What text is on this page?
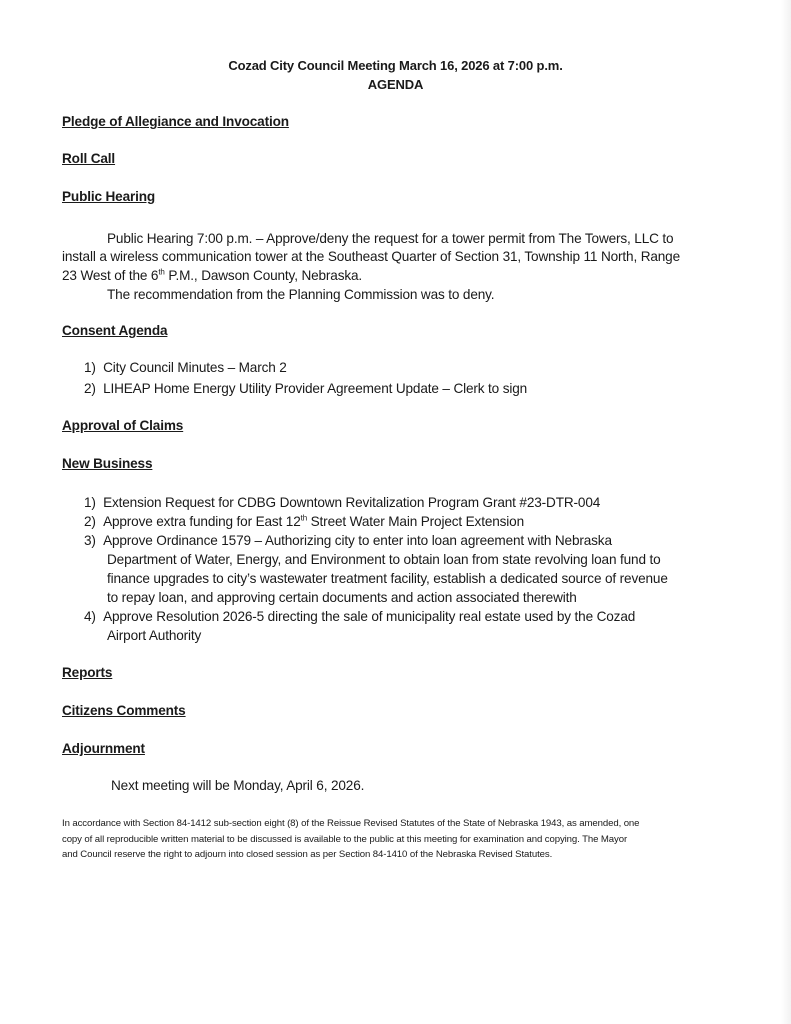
Cozad City Council Meeting March 16, 2026 at 7:00 p.m.
AGENDA
Pledge of Allegiance and Invocation
Roll Call
Public Hearing
Public Hearing 7:00 p.m. – Approve/deny the request for a tower permit from The Towers, LLC to
install a wireless communication tower at the Southeast Quarter of Section 31, Township 11 North, Range
23 West of the 6th P.M., Dawson County, Nebraska.
The recommendation from the Planning Commission was to deny.
Consent Agenda
1) City Council Minutes – March 2
2) LIHEAP Home Energy Utility Provider Agreement Update – Clerk to sign
Approval of Claims
New Business
1) Extension Request for CDBG Downtown Revitalization Program Grant #23-DTR-004
2) Approve extra funding for East 12th Street Water Main Project Extension
3) Approve Ordinance 1579 – Authorizing city to enter into loan agreement with Nebraska
Department of Water, Energy, and Environment to obtain loan from state revolving loan fund to
finance upgrades to city’s wastewater treatment facility, establish a dedicated source of revenue
to repay loan, and approving certain documents and action associated therewith
4) Approve Resolution 2026-5 directing the sale of municipality real estate used by the Cozad
Airport Authority
Reports
Citizens Comments
Adjournment
Next meeting will be Monday, April 6, 2026.
In accordance with Section 84-1412 sub-section eight (8) of the Reissue Revised Statutes of the State of Nebraska 1943, as amended, one
copy of all reproducible written material to be discussed is available to the public at this meeting for examination and copying. The Mayor
and Council reserve the right to adjourn into closed session as per Section 84-1410 of the Nebraska Revised Statutes.
